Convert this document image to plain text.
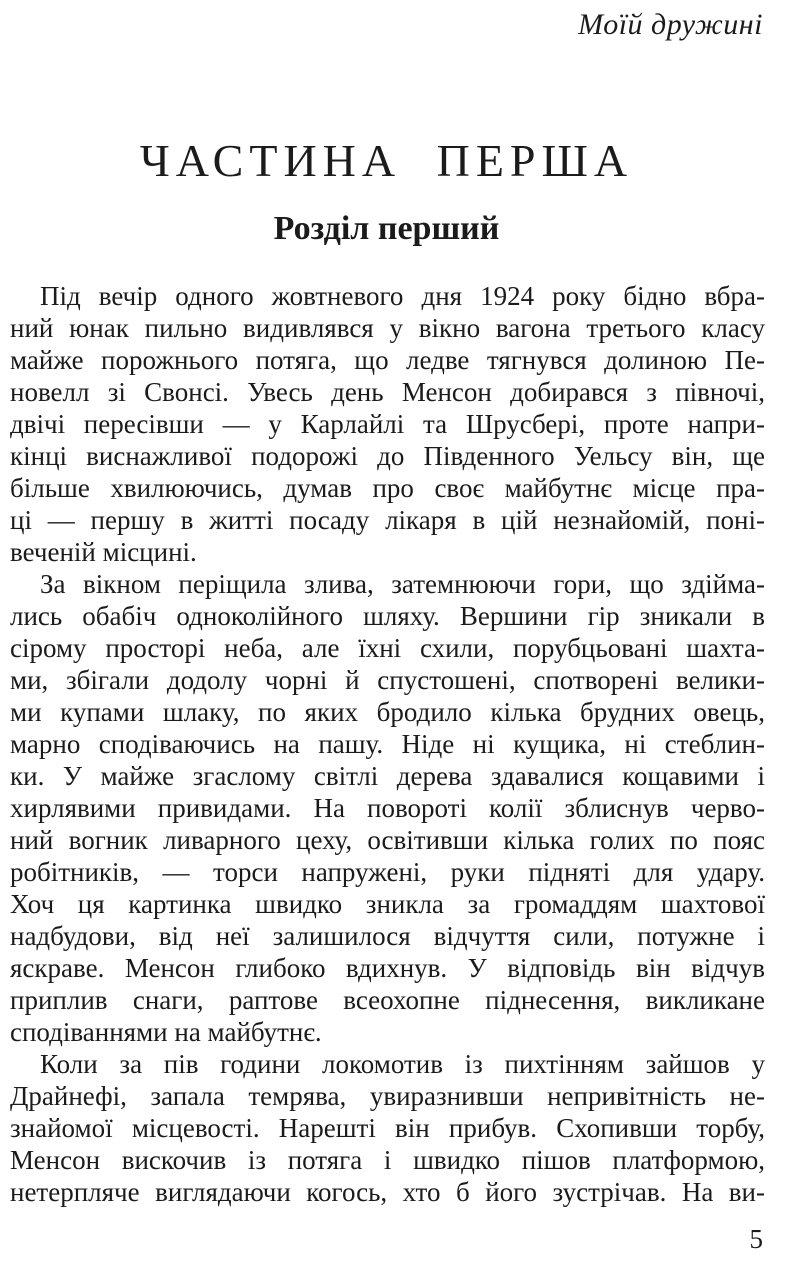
Моїй дружині
ЧАСТИНА ПЕРША
Розділ перший
Під вечір одного жовтневого дня 1924 року бідно вбра-
ний юнак пильно видивлявся у вікно вагона третього класу
майже порожнього потяга, що ледве тягнувся долиною Пе-
новелл зі Свонсі. Увесь день Менсон добирався з півночі,
двічі пересівши — у Карлайлі та Шрусбері, проте напри-
кінці виснажливої подорожі до Південного Уельсу він, ще
більше хвилюючись, думав про своє майбутнє місце пра-
ці — першу в житті посаду лікаря в цій незнайомій, поні-
веченій місцині.
За вікном періщила злива, затемнюючи гори, що здійма-
лись обабіч одноколійного шляху. Вершини гір зникали в
сірому просторі неба, але їхні схили, порубцьовані шахта-
ми, збігали додолу чорні й спустошені, спотворені велики-
ми купами шлаку, по яких бродило кілька брудних овець,
марно сподіваючись на пашу. Ніде ні кущика, ні стеблин-
ки. У майже згаслому світлі дерева здавалися кощавими і
хирлявими привидами. На повороті колії зблиснув черво-
ний вогник ливарного цеху, освітивши кілька голих по пояс
робітників, — торси напружені, руки підняті для удару.
Хоч ця картинка швидко зникла за громаддям шахтової
надбудови, від неї залишилося відчуття сили, потужне і
яскраве. Менсон глибоко вдихнув. У відповідь він відчув
приплив снаги, раптове всеохопне піднесення, викликане
сподіваннями на майбутнє.
Коли за пів години локомотив із пихтінням зайшов у
Драйнефі, запала темрява, увиразнивши непривітність не-
знайомої місцевості. Нарешті він прибув. Схопивши торбу,
Менсон вискочив із потяга і швидко пішов платформою,
нетерпляче виглядаючи когось, хто б його зустрічав. На ви-
5
